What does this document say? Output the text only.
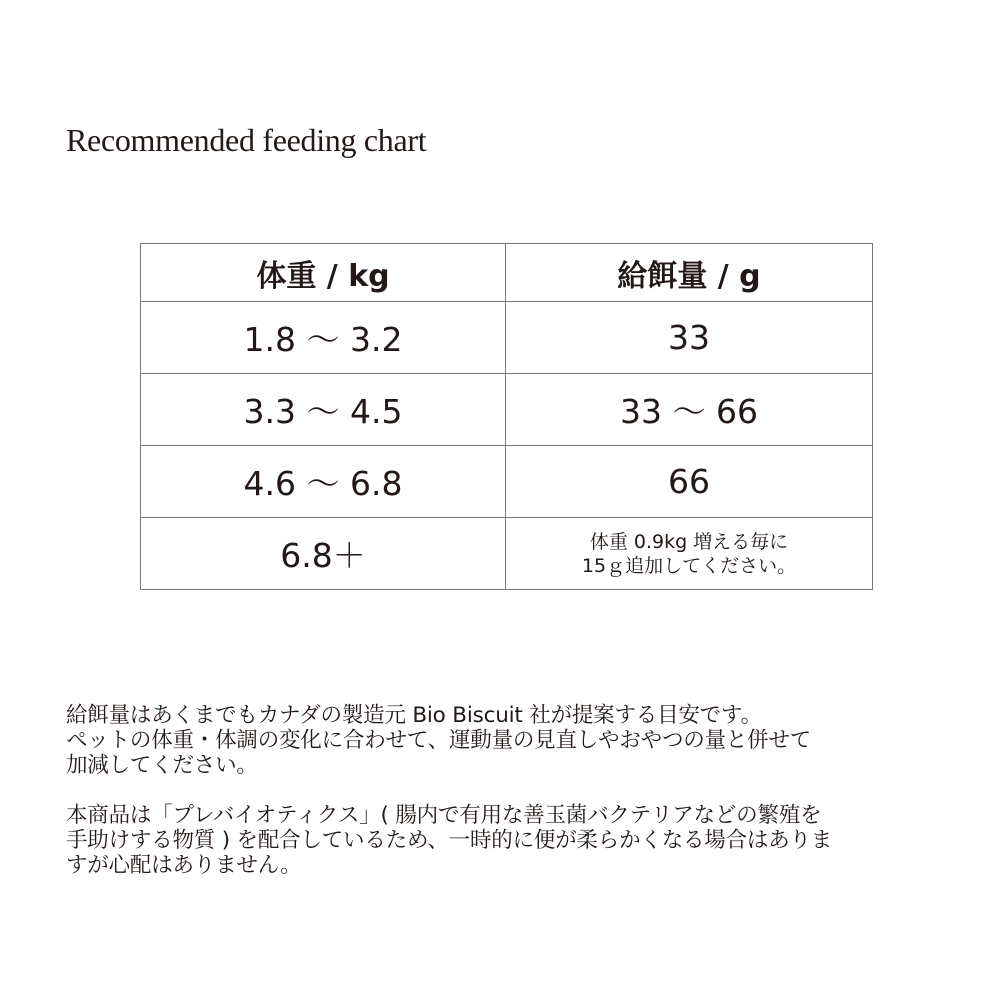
Recommended feeding chart
体重 / kg	給餌量 / g
1.8 〜 3.2	33
3.3 〜 4.5	33 〜 66
4.6 〜 6.8	66
6.8＋	体重 0.9kg 増える毎に
15ｇ追加してください。

給餌量はあくまでもカナダの製造元 Bio Biscuit 社が提案する目安です。
ペットの体重・体調の変化に合わせて、運動量の見直しやおやつの量と併せて
加減してください。

本商品は「プレバイオティクス」( 腸内で有用な善玉菌バクテリアなどの繁殖を
手助けする物質 ) を配合しているため、一時的に便が柔らかくなる場合はありま
すが心配はありません。
